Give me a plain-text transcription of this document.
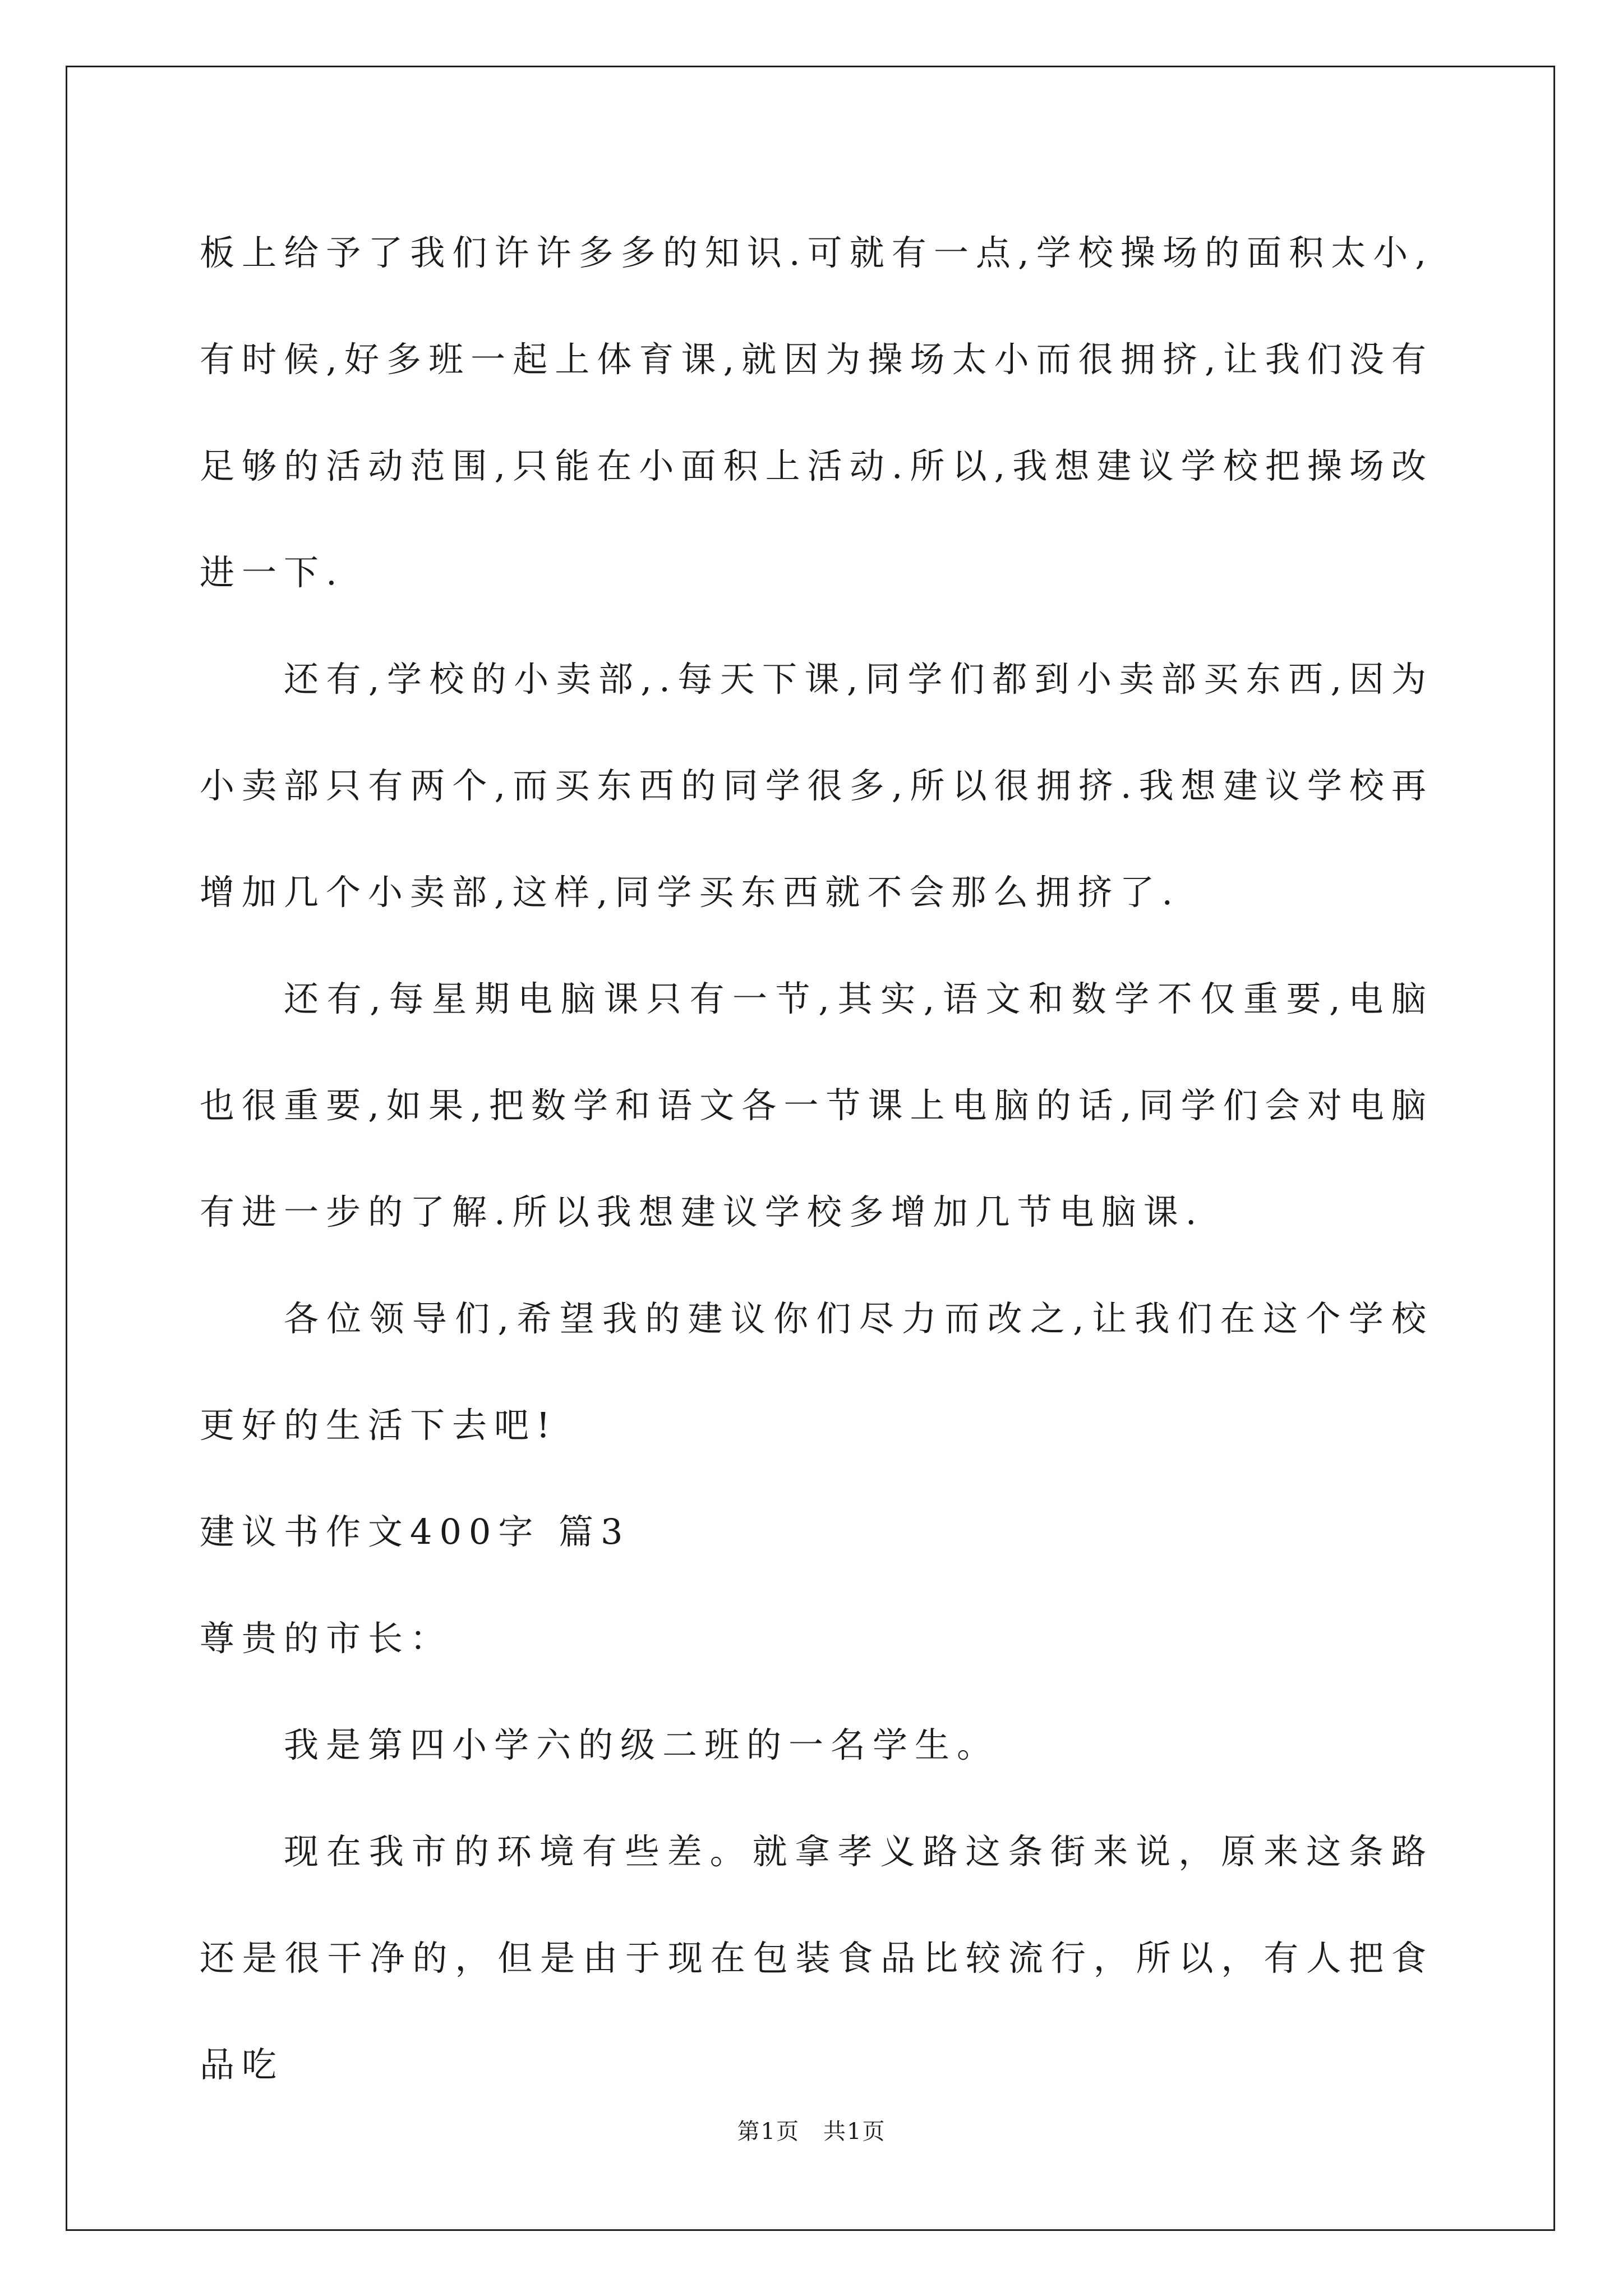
板上给予了我们许许多多的知识.可就有一点,学校操场的面积太小,有时候,好多班一起上体育课,就因为操场太小而很拥挤,让我们没有足够的活动范围,只能在小面积上活动.所以,我想建议学校把操场改进一下.

还有,学校的小卖部,.每天下课,同学们都到小卖部买东西,因为小卖部只有两个,而买东西的同学很多,所以很拥挤.我想建议学校再增加几个小卖部,这样,同学买东西就不会那么拥挤了.

还有,每星期电脑课只有一节,其实,语文和数学不仅重要,电脑也很重要,如果,把数学和语文各一节课上电脑的话,同学们会对电脑有进一步的了解.所以我想建议学校多增加几节电脑课.

各位领导们,希望我的建议你们尽力而改之,让我们在这个学校更好的生活下去吧!

建议书作文400字 篇3

尊贵的市长：

我是第四小学六的级二班的一名学生。

现在我市的环境有些差。就拿孝义路这条街来说，原来这条路还是很干净的，但是由于现在包装食品比较流行，所以，有人把食品吃

第1页　共1页
